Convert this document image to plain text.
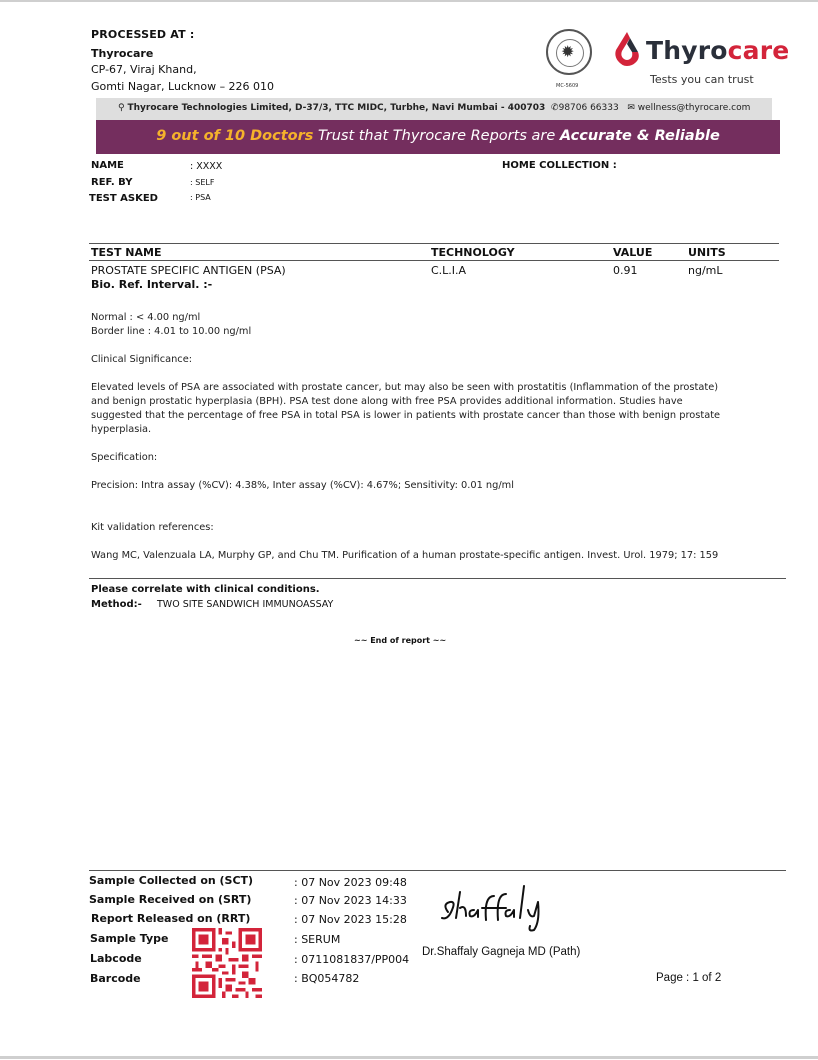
PROCESSED AT :
Thyrocare
CP-67, Viraj Khand,
Gomti Nagar, Lucknow – 226 010
✹
MC-5609
Thyrocare
Tests you can trust
⚲ Thyrocare Technologies Limited, D-37/3, TTC MIDC, Turbhe, Navi Mumbai - 400703 ✆98706 66333 ✉ wellness@thyrocare.com
9 out of 10 Doctors Trust that Thyrocare Reports are Accurate & Reliable
NAME	: XXXX
REF. BY	: SELF
TEST ASKED	: PSA
HOME COLLECTION :
TEST NAME	TECHNOLOGY	VALUE	UNITS
PROSTATE SPECIFIC ANTIGEN (PSA)	C.L.I.A	0.91	ng/mL
Bio. Ref. Interval. :-
Normal : < 4.00 ng/ml
Border line : 4.01 to 10.00 ng/ml
Clinical Significance:
Elevated levels of PSA are associated with prostate cancer, but may also be seen with prostatitis (Inflammation of the prostate)
and benign prostatic hyperplasia (BPH). PSA test done along with free PSA provides additional information. Studies have
suggested that the percentage of free PSA in total PSA is lower in patients with prostate cancer than those with benign prostate
hyperplasia.
Specification:
Precision: Intra assay (%CV): 4.38%, Inter assay (%CV): 4.67%; Sensitivity: 0.01 ng/ml
Kit validation references:
Wang MC, Valenzuala LA, Murphy GP, and Chu TM. Purification of a human prostate-specific antigen. Invest. Urol. 1979; 17: 159
Please correlate with clinical conditions.
Method:- TWO SITE SANDWICH IMMUNOASSAY
~~ End of report ~~
Sample Collected on (SCT)	: 07 Nov 2023 09:48
Sample Received on (SRT)	: 07 Nov 2023 14:33
Report Released on (RRT)	: 07 Nov 2023 15:28
Sample Type	: SERUM
Labcode	: 0711081837/PP004
Barcode	: BQ054782
Dr.Shaffaly Gagneja MD (Path)
Page : 1 of 2
